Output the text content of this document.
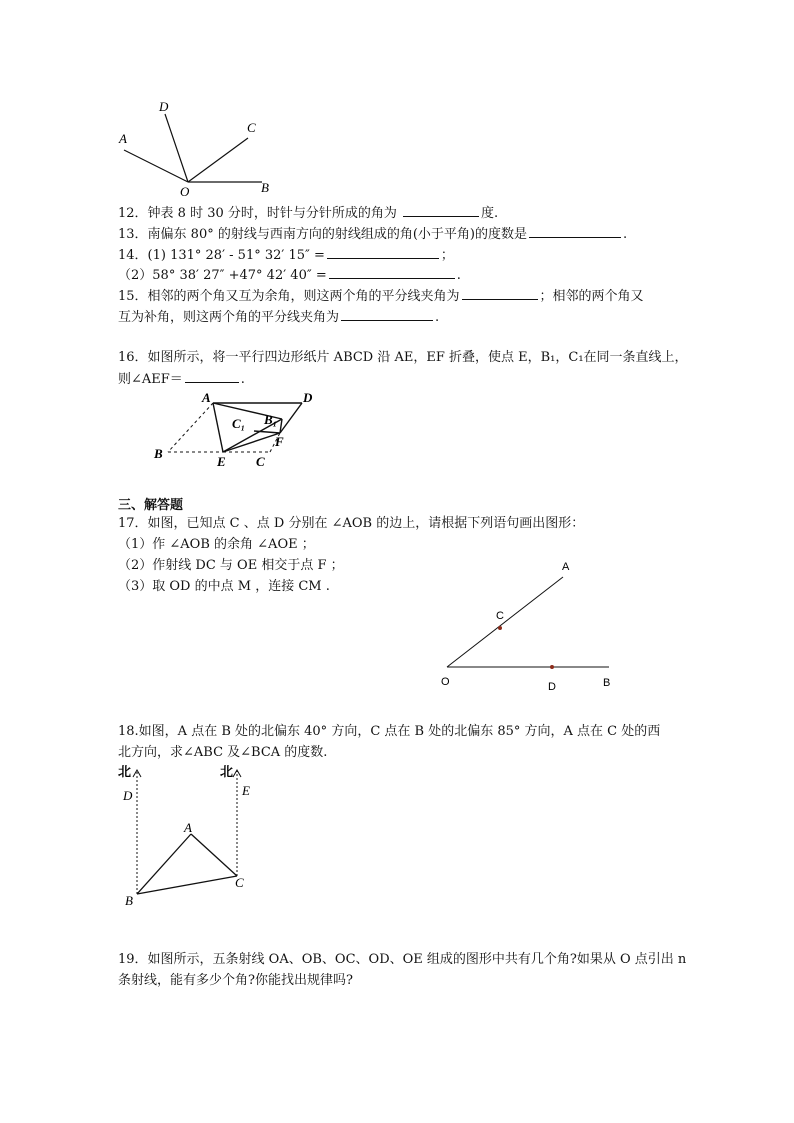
D
A
C
O	B
12．钟表 8 时 30 分时，时针与分针所成的角为	度.
13．南偏东 80° 的射线与西南方向的射线组成的角(小于平角)的度数是	.
14．(1) 131° 28′ - 51° 32′ 15″ =	；
（2）58° 38′ 27″ +47° 42′ 40″ =	.
15．相邻的两个角又互为余角，则这两个角的平分线夹角为	；相邻的两个角又
互为补角，则这两个角的平分线夹角为	.
16．如图所示，将一平行四边形纸片 ABCD 沿 AE，EF 折叠，使点 E，B₁，C₁在同一条直线上，
则∠AEF＝	.
A	D
C₁ B₁
F
B
E C
三、解答题
17．如图，已知点 C 、点 D 分别在 ∠AOB 的边上，请根据下列语句画出图形：
（1）作 ∠AOB 的余角 ∠AOE ；
（2）作射线 DC 与 OE 相交于点 F ；
（3）取 OD 的中点 M ，连接 CM .
A
C
O	D	B
18.如图，A 点在 B 处的北偏东 40° 方向，C 点在 B 处的北偏东 85° 方向，A 点在 C 处的西
北方向，求∠ABC 及∠BCA 的度数.
北	北
D	E
A
B
C
19．如图所示，五条射线 OA、OB、OC、OD、OE 组成的图形中共有几个角?如果从 O 点引出 n
条射线，能有多少个角?你能找出规律吗?
